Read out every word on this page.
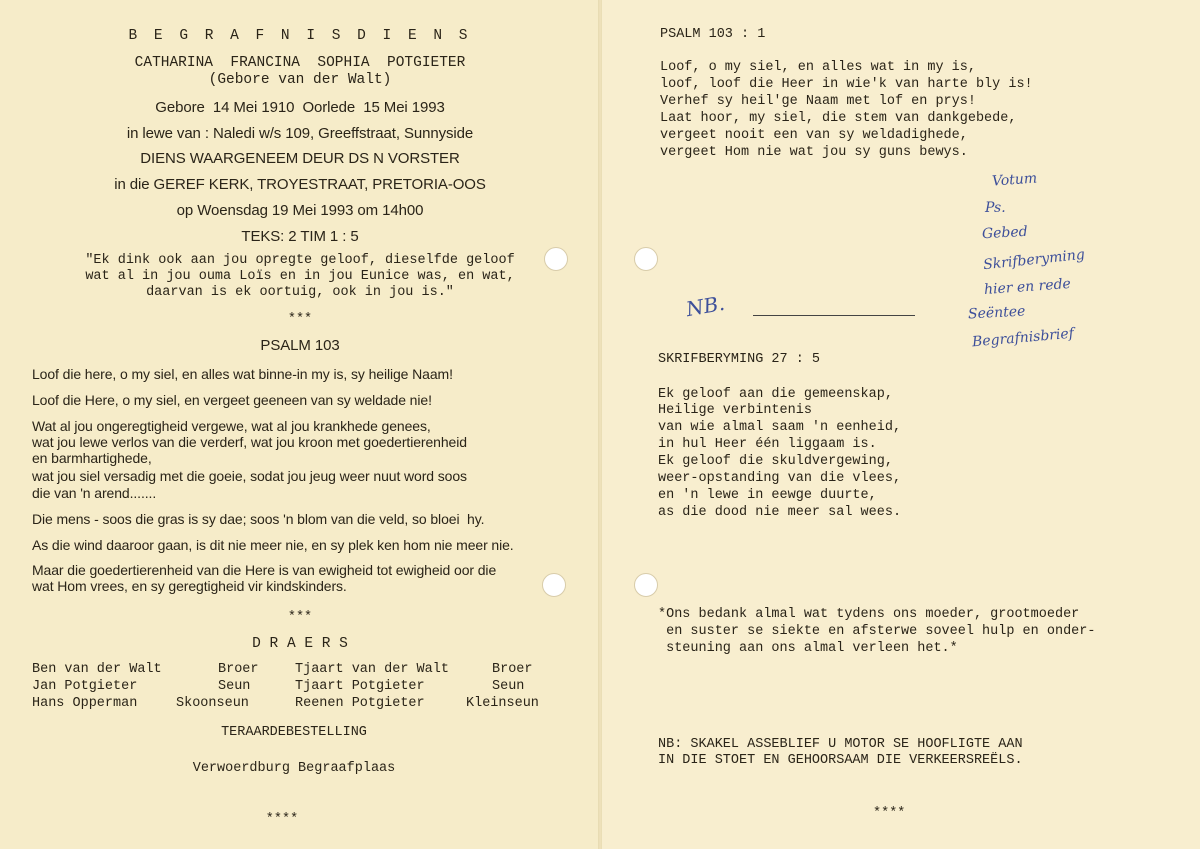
B E G R A F N I S D I E N S
CATHARINA  FRANCINA  SOPHIA  POTGIETER
(Gebore van der Walt)
Gebore  14 Mei 1910  Oorlede  15 Mei 1993
in lewe van : Naledi w/s 109, Greeffstraat, Sunnyside
DIENS WAARGENEEM DEUR DS N VORSTER
in die GEREF KERK, TROYESTRAAT, PRETORIA-OOS
op Woensdag 19 Mei 1993 om 14h00
TEKS: 2 TIM 1 : 5
"Ek dink ook aan jou opregte geloof, dieselfde geloof
wat al in jou ouma Loïs en in jou Eunice was, en wat,
daarvan is ek oortuig, ook in jou is."
***
PSALM 103
Loof die here, o my siel, en alles wat binne-in my is, sy heilige Naam!
Loof die Here, o my siel, en vergeet geeneen van sy weldade nie!
Wat al jou ongeregtigheid vergewe, wat al jou krankhede genees,
wat jou lewe verlos van die verderf, wat jou kroon met goedertierenheid
en barmhartighede,
wat jou siel versadig met die goeie, sodat jou jeug weer nuut word soos
die van 'n arend.......
Die mens - soos die gras is sy dae; soos 'n blom van die veld, so bloei  hy.
As die wind daaroor gaan, is dit nie meer nie, en sy plek ken hom nie meer nie.
Maar die goedertierenheid van die Here is van ewigheid tot ewigheid oor die
wat Hom vrees, en sy geregtigheid vir kindskinders.
***
D R A E R S
Ben van der Walt	Broer	Tjaart van der Walt	Broer
Jan Potgieter	Seun	Tjaart Potgieter	Seun
Hans Opperman	Skoonseun	Reenen Potgieter	Kleinseun
TERAARDEBESTELLING
Verwoerdburg Begraafplaas
****
PSALM 103 : 1
Loof, o my siel, en alles wat in my is,
loof, loof die Heer in wie'k van harte bly is!
Verhef sy heil'ge Naam met lof en prys!
Laat hoor, my siel, die stem van dankgebede,
vergeet nooit een van sy weldadighede,
vergeet Hom nie wat jou sy guns bewys.
Votum
Ps.
Gebed
Skrifberyming
hier en rede
Seëntee
Begrafnisbrief
NB.
SKRIFBERYMING 27 : 5
Ek geloof aan die gemeenskap,
Heilige verbintenis
van wie almal saam 'n eenheid,
in hul Heer één liggaam is.
Ek geloof die skuldvergewing,
weer-opstanding van die vlees,
en 'n lewe in eewge duurte,
as die dood nie meer sal wees.
*Ons bedank almal wat tydens ons moeder, grootmoeder
en suster se siekte en afsterwe soveel hulp en onder-
steuning aan ons almal verleen het.*
NB: SKAKEL ASSEBLIEF U MOTOR SE HOOFLIGTE AAN
IN DIE STOET EN GEHOORSAAM DIE VERKEERSREËLS.
****
